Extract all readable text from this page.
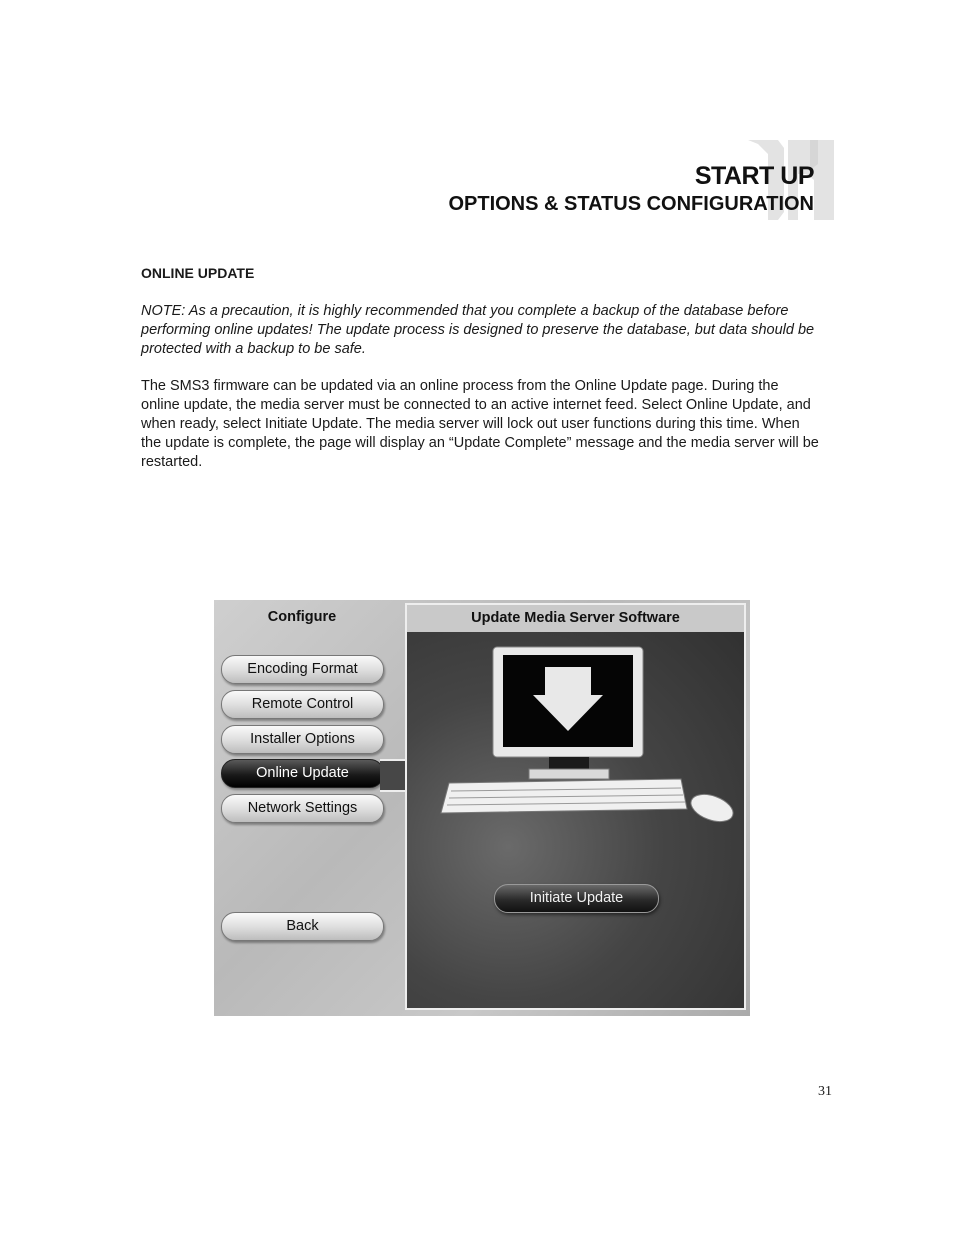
START UP
OPTIONS & STATUS CONFIGURATION
ONLINE UPDATE
NOTE: As a precaution, it is highly recommended that you complete a backup of the database before performing online updates! The update process is designed to preserve the database, but data should be protected with a backup to be safe.
The SMS3 firmware can be updated via an online process from the Online Update page. During the online update, the media server must be connected to an active internet feed. Select Online Update, and when ready, select Initiate Update. The media server will lock out user functions during this time. When the update is complete, the page will display an “Update Complete” message and the media server will be restarted.
Configure
Encoding Format
Remote Control
Installer Options
Online Update
Network Settings
Back
Update Media Server Software
Initiate Update
31
